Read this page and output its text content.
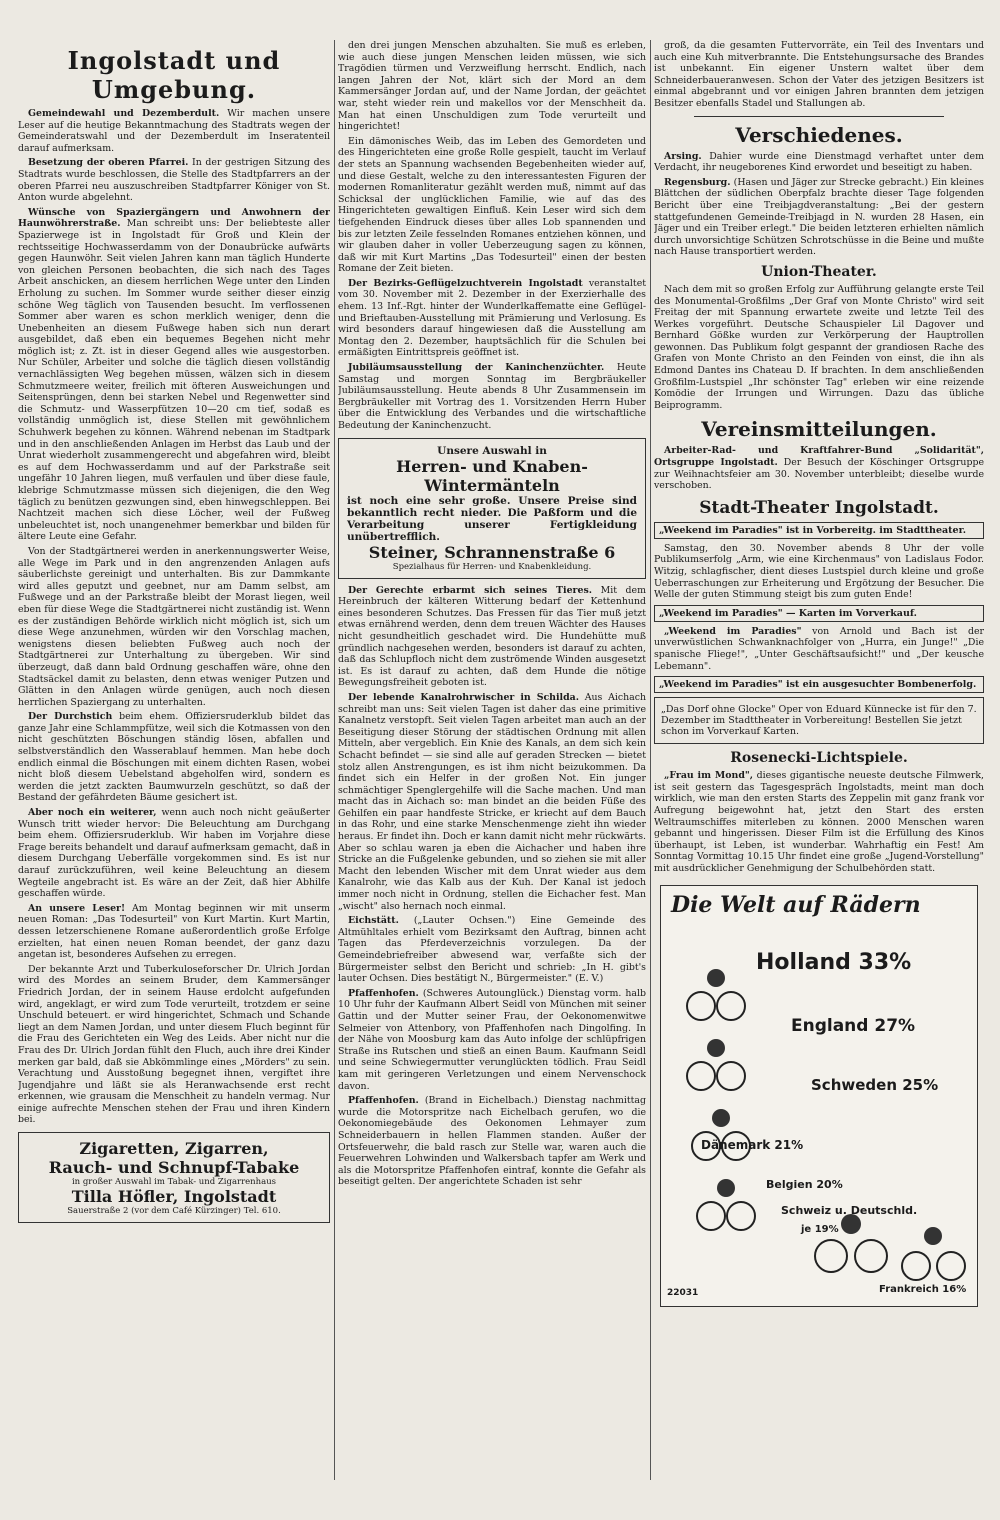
Ingolstadt und Umgebung.

Gemeindewahl und Dezemberdult. Wir machen unsere Leser auf die heutige Bekanntmachung des Stadtrats wegen der Gemeinderatswahl und der Dezemberdult im Inseratenteil darauf aufmerksam.

Besetzung der oberen Pfarrei. In der gestrigen Sitzung des Stadtrats wurde beschlossen, die Stelle des Stadtpfarrers an der oberen Pfarrei neu auszuschreiben Stadtpfarrer Königer von St. Anton wurde abgelehnt.

Wünsche von Spaziergängern und Anwohnern der Haunwöhrerstraße. Man schreibt uns: Der beliebteste aller Spazierwege ist in Ingolstadt für Groß und Klein der rechtsseitige Hochwasserdamm von der Donaubrücke aufwärts gegen Haunwöhr. Seit vielen Jahren kann man täglich Hunderte von gleichen Personen beobachten, die sich nach des Tages Arbeit anschicken, an diesem herrlichen Wege unter den Linden Erholung zu suchen. Im Sommer wurde seither dieser einzig schöne Weg täglich von Tausenden besucht. Im verflossenen Sommer aber waren es schon merklich weniger, denn die Unebenheiten an diesem Fußwege haben sich nun derart ausgebildet, daß eben ein bequemes Begehen nicht mehr möglich ist; z. Zt. ist in dieser Gegend alles wie ausgestorben. Nur Schüler, Arbeiter und solche die täglich diesen vollständig vernachlässigten Weg begehen müssen, wälzen sich in diesem Schmutzmeere weiter, freilich mit öfteren Ausweichungen und Seitensprüngen, denn bei starken Nebel und Regenwetter sind die Schmutz- und Wasserpfützen 10—20 cm tief, sodaß es vollständig unmöglich ist, diese Stellen mit gewöhnlichem Schuhwerk begehen zu können. Während nebenan im Stadtpark und in den anschließenden Anlagen im Herbst das Laub und der Unrat wiederholt zusammengerecht und abgefahren wird, bleibt es auf dem Hochwasserdamm und auf der Parkstraße seit ungefähr 10 Jahren liegen, muß verfaulen und über diese faule, klebrige Schmutzmasse müssen sich diejenigen, die den Weg täglich zu benützen gezwungen sind, eben hinwegschleppen. Bei Nachtzeit machen sich diese Löcher, weil der Fußweg unbeleuchtet ist, noch unangenehmer bemerkbar und bilden für ältere Leute eine Gefahr.

Von der Stadtgärtnerei werden in anerkennungswerter Weise, alle Wege im Park und in den angrenzenden Anlagen aufs säuberlichste gereinigt und unterhalten. Bis zur Dammkante wird alles geputzt und geebnet, nur am Damm selbst, am Fußwege und an der Parkstraße bleibt der Morast liegen, weil eben für diese Wege die Stadtgärtnerei nicht zuständig ist. Wenn es der zuständigen Behörde wirklich nicht möglich ist, sich um diese Wege anzunehmen, würden wir den Vorschlag machen, wenigstens diesen beliebten Fußweg auch noch der Stadtgärtnerei zur Unterhaltung zu übergeben. Wir sind überzeugt, daß dann bald Ordnung geschaffen wäre, ohne den Stadtsäckel damit zu belasten, denn etwas weniger Putzen und Glätten in den Anlagen würde genügen, auch noch diesen herrlichen Spaziergang zu unterhalten.

Der Durchstich beim ehem. Offiziersruderklub bildet das ganze Jahr eine Schlammpfütze, weil sich die Kotmassen von den nicht geschützten Böschungen ständig lösen, abfallen und selbstverständlich den Wasserablauf hemmen. Man hebe doch endlich einmal die Böschungen mit einem dichten Rasen, wobei nicht bloß diesem Uebelstand abgeholfen wird, sondern es werden die jetzt zackten Baumwurzeln geschützt, so daß der Bestand der gefährdeten Bäume gesichert ist.

Aber noch ein weiterer, wenn auch noch nicht geäußerter Wunsch tritt wieder hervor: Die Beleuchtung am Durchgang beim ehem. Offiziersruderklub. Wir haben im Vorjahre diese Frage bereits behandelt und darauf aufmerksam gemacht, daß in diesem Durchgang Ueberfälle vorgekommen sind. Es ist nur darauf zurückzuführen, weil keine Beleuchtung an diesem Wegteile angebracht ist. Es wäre an der Zeit, daß hier Abhilfe geschaffen würde.

An unsere Leser! Am Montag beginnen wir mit unserm neuen Roman: „Das Todesurteil" von Kurt Martin. Kurt Martin, dessen letzerschienene Romane außerordentlich große Erfolge erzielten, hat einen neuen Roman beendet, der ganz dazu angetan ist, besonderes Aufsehen zu erregen.

Der bekannte Arzt und Tuberkuloseforscher Dr. Ulrich Jordan wird des Mordes an seinem Bruder, dem Kammersänger Friedrich Jordan, der in seinem Hause erdolcht aufgefunden wird, angeklagt, er wird zum Tode verurteilt, trotzdem er seine Unschuld beteuert. er wird hingerichtet, Schmach und Schande liegt an dem Namen Jordan, und unter diesem Fluch beginnt für die Frau des Gerichteten ein Weg des Leids. Aber nicht nur die Frau des Dr. Ulrich Jordan fühlt den Fluch, auch ihre drei Kinder merken gar bald, daß sie Abkömmlinge eines „Mörders" zu sein. Verachtung und Ausstoßung begegnet ihnen, vergiftet ihre Jugendjahre und läßt sie als Heranwachsende erst recht erkennen, wie grausam die Menschheit zu handeln vermag. Nur einige aufrechte Menschen stehen der Frau und ihren Kindern bei.

Zigaretten, Zigarren,
Rauch- und Schnupf-Tabake
in großer Auswahl im Tabak- und Zigarrenhaus
Tilla Höfler, Ingolstadt
Sauerstraße 2 (vor dem Café Kürzinger) Tel. 610.

den drei jungen Menschen abzuhalten. Sie muß es erleben, wie auch diese jungen Menschen leiden müssen, wie sich Tragödien türmen und Verzweiflung herrscht. Endlich, nach langen Jahren der Not, klärt sich der Mord an dem Kammersänger Jordan auf, und der Name Jordan, der geächtet war, steht wieder rein und makellos vor der Menschheit da. Man hat einen Unschuldigen zum Tode verurteilt und hingerichtet!

Ein dämonisches Weib, das im Leben des Gemordeten und des Hingerichteten eine große Rolle gespielt, taucht im Verlauf der stets an Spannung wachsenden Begebenheiten wieder auf, und diese Gestalt, welche zu den interessantesten Figuren der modernen Romanliteratur gezählt werden muß, nimmt auf das Schicksal der unglücklichen Familie, wie auf das des Hingerichteten gewaltigen Einfluß. Kein Leser wird sich dem tiefgehenden Eindruck dieses über alles Lob spannenden und bis zur letzten Zeile fesselnden Romanes entziehen können, und wir glauben daher in voller Ueberzeugung sagen zu können, daß wir mit Kurt Martins „Das Todesurteil" einen der besten Romane der Zeit bieten.

Der Bezirks-Geflügelzuchtverein Ingolstadt veranstaltet vom 30. November mit 2. Dezember in der Exerzierhalle des ehem. 13 Inf.-Rgt. hinter der Wunderlkaffematte eine Geflügel- und Brieftauben-Ausstellung mit Prämierung und Verlosung. Es wird besonders darauf hingewiesen daß die Ausstellung am Montag den 2. Dezember, hauptsächlich für die Schulen bei ermäßigten Eintrittspreis geöffnet ist.

Jubiläumsausstellung der Kaninchenzüchter. Heute Samstag und morgen Sonntag im Bergbräukeller Jubiläumsausstellung. Heute abends 8 Uhr Zusammensein im Bergbräukeller mit Vortrag des 1. Vorsitzenden Herrn Huber über die Entwicklung des Verbandes und die wirtschaftliche Bedeutung der Kaninchenzucht.

Unsere Auswahl in
Herren- und Knaben-Wintermänteln
ist noch eine sehr große. Unsere Preise sind bekanntlich recht nieder. Die Paßform und die Verarbeitung unserer Fertigkleidung unübertrefflich.
Steiner, Schrannenstraße 6
Spezialhaus für Herren- und Knabenkleidung.

Der Gerechte erbarmt sich seines Tieres. Mit dem Hereinbruch der kälteren Witterung bedarf der Kettenhund eines besonderen Schutzes. Das Fressen für das Tier muß jetzt etwas ernährend werden, denn dem treuen Wächter des Hauses nicht gesundheitlich geschadet wird. Die Hundehütte muß gründlich nachgesehen werden, besonders ist darauf zu achten, daß das Schlupfloch nicht dem zuströmende Winden ausgesetzt ist. Es ist darauf zu achten, daß dem Hunde die nötige Bewegungsfreiheit geboten ist.

Der lebende Kanalrohrwischer in Schilda. Aus Aichach schreibt man uns: Seit vielen Tagen ist daher das eine primitive Kanalnetz verstopft. Seit vielen Tagen arbeitet man auch an der Beseitigung dieser Störung der städtischen Ordnung mit allen Mitteln, aber vergeblich. Ein Knie des Kanals, an dem sich kein Schacht befindet — sie sind alle auf geraden Strecken — bietet stolz allen Anstrengungen, es ist ihm nicht beizukommen. Da findet sich ein Helfer in der großen Not. Ein junger schmächtiger Spenglergehilfe will die Sache machen. Und man macht das in Aichach so: man bindet an die beiden Füße des Gehilfen ein paar handfeste Stricke, er kriecht auf dem Bauch in das Rohr, und eine starke Menschenmenge zieht ihn wieder heraus. Er findet ihn. Doch er kann damit nicht mehr rückwärts. Aber so schlau waren ja eben die Aichacher und haben ihre Stricke an die Fußgelenke gebunden, und so ziehen sie mit aller Macht den lebenden Wischer mit dem Unrat wieder aus dem Kanalrohr, wie das Kalb aus der Kuh. Der Kanal ist jedoch immer noch nicht in Ordnung, stellen die Eichacher fest. Man „wischt" also hernach noch einmal.

Eichstätt. („Lauter Ochsen.") Eine Gemeinde des Altmühltales erhielt vom Bezirksamt den Auftrag, binnen acht Tagen das Pferdeverzeichnis vorzulegen. Da der Gemeindebriefreiber abwesend war, verfaßte sich der Bürgermeister selbst den Bericht und schrieb: „In H. gibt's lauter Ochsen. Dies bestätigt N., Bürgermeister." (E. V.)

Pfaffenhofen. (Schweres Autounglück.) Dienstag vorm. halb 10 Uhr fuhr der Kaufmann Albert Seidl von München mit seiner Gattin und der Mutter seiner Frau, der Oekonomenwitwe Selmeier von Attenbory, von Pfaffenhofen nach Dingolfing. In der Nähe von Moosburg kam das Auto infolge der schlüpfrigen Straße ins Rutschen und stieß an einen Baum. Kaufmann Seidl und seine Schwiegermutter verunglückten tödlich. Frau Seidl kam mit geringeren Verletzungen und einem Nervenschock davon.

Pfaffenhofen. (Brand in Eichelbach.) Dienstag nachmittag wurde die Motorspritze nach Eichelbach gerufen, wo die Oekonomiegebäude des Oekonomen Lehmayer zum Schneiderbauern in hellen Flammen standen. Außer der Ortsfeuerwehr, die bald rasch zur Stelle war, waren auch die Feuerwehren Lohwinden und Walkersbach tapfer am Werk und als die Motorspritze Pfaffenhofen eintraf, konnte die Gefahr als beseitigt gelten. Der angerichtete Schaden ist sehr

groß, da die gesamten Futtervorräte, ein Teil des Inventars und auch eine Kuh mitverbrannte. Die Entstehungsursache des Brandes ist unbekannt. Ein eigener Unstern waltet über dem Schneiderbaueranwesen. Schon der Vater des jetzigen Besitzers ist einmal abgebrannt und vor einigen Jahren brannten dem jetzigen Besitzer ebenfalls Stadel und Stallungen ab.

Verschiedenes.

Arsing. Dahier wurde eine Dienstmagd verhaftet unter dem Verdacht, ihr neugeborenes Kind erwordet und beseitigt zu haben.

Regensburg. (Hasen und Jäger zur Strecke gebracht.) Ein kleines Blättchen der südlichen Oberpfalz brachte dieser Tage folgenden Bericht über eine Treibjagdveranstaltung: „Bei der gestern stattgefundenen Gemeinde-Treibjagd in N. wurden 28 Hasen, ein Jäger und ein Treiber erlegt." Die beiden letzteren erhielten nämlich durch unvorsichtige Schützen Schrotschüsse in die Beine und mußte nach Hause transportiert werden.

Union-Theater.

Nach dem mit so großen Erfolg zur Aufführung gelangte erste Teil des Monumental-Großfilms „Der Graf von Monte Christo" wird seit Freitag der mit Spannung erwartete zweite und letzte Teil des Werkes vorgeführt. Deutsche Schauspieler Lil Dagover und Bernhard Gößke wurden zur Verkörperung der Hauptrollen gewonnen. Das Publikum folgt gespannt der grandiosen Rache des Grafen von Monte Christo an den Feinden von einst, die ihn als Edmond Dantes ins Chateau D. If brachten. In dem anschließenden Großfilm-Lustspiel „Ihr schönster Tag" erleben wir eine reizende Komödie der Irrungen und Wirrungen. Dazu das übliche Beiprogramm.

Vereinsmitteilungen.

Arbeiter-Rad- und Kraftfahrer-Bund „Solidarität", Ortsgruppe Ingolstadt. Der Besuch der Köschinger Ortsgruppe zur Weihnachtsfeier am 30. November unterbleibt; dieselbe wurde verschoben.

Stadt-Theater Ingolstadt.
„Weekend im Paradies" ist in Vorbereitg. im Stadttheater.

Samstag, den 30. November abends 8 Uhr der volle Publikumserfolg „Arm, wie eine Kirchenmaus" von Ladislaus Fodor. Witzig, schlagfischer, dient dieses Lustspiel durch kleine und große Ueberraschungen zur Erheiterung und Ergötzung der Besucher. Die Welle der guten Stimmung steigt bis zum guten Ende!

„Weekend im Paradies" — Karten im Vorverkauf.

„Weekend im Paradies" von Arnold und Bach ist der unverwüstlichen Schwanknachfolger von „Hurra, ein Junge!" „Die spanische Fliege!", „Unter Geschäftsaufsicht!" und „Der keusche Lebemann".

„Weekend im Paradies" ist ein ausgesuchter Bombenerfolg.
„Das Dorf ohne Glocke" Oper von Eduard Künnecke ist für den 7. Dezember im Stadttheater in Vorbereitung! Bestellen Sie jetzt schon im Vorverkauf Karten.
Rosenecki-Lichtspiele.

„Frau im Mond", dieses gigantische neueste deutsche Filmwerk, ist seit gestern das Tagesgespräch Ingolstadts, meint man doch wirklich, wie man den ersten Starts des Zeppelin mit ganz frank vor Aufregung beigewohnt hat, jetzt den Start des ersten Weltraumschiffes miterleben zu können. 2000 Menschen waren gebannt und hingerissen. Dieser Film ist die Erfüllung des Kinos überhaupt, ist Leben, ist wunderbar. Wahrhaftig ein Fest! Am Sonntag Vormittag 10.15 Uhr findet eine große „Jugend-Vorstellung" mit ausdrücklicher Genehmigung der Schulbehörden statt.

Die Welt auf Rädern
Holland 33%
England 27%
Schweden 25%
Dänemark 21%
Belgien 20%
Schweiz u. Deutschld.
je 19%
Frankreich 16%
22031
